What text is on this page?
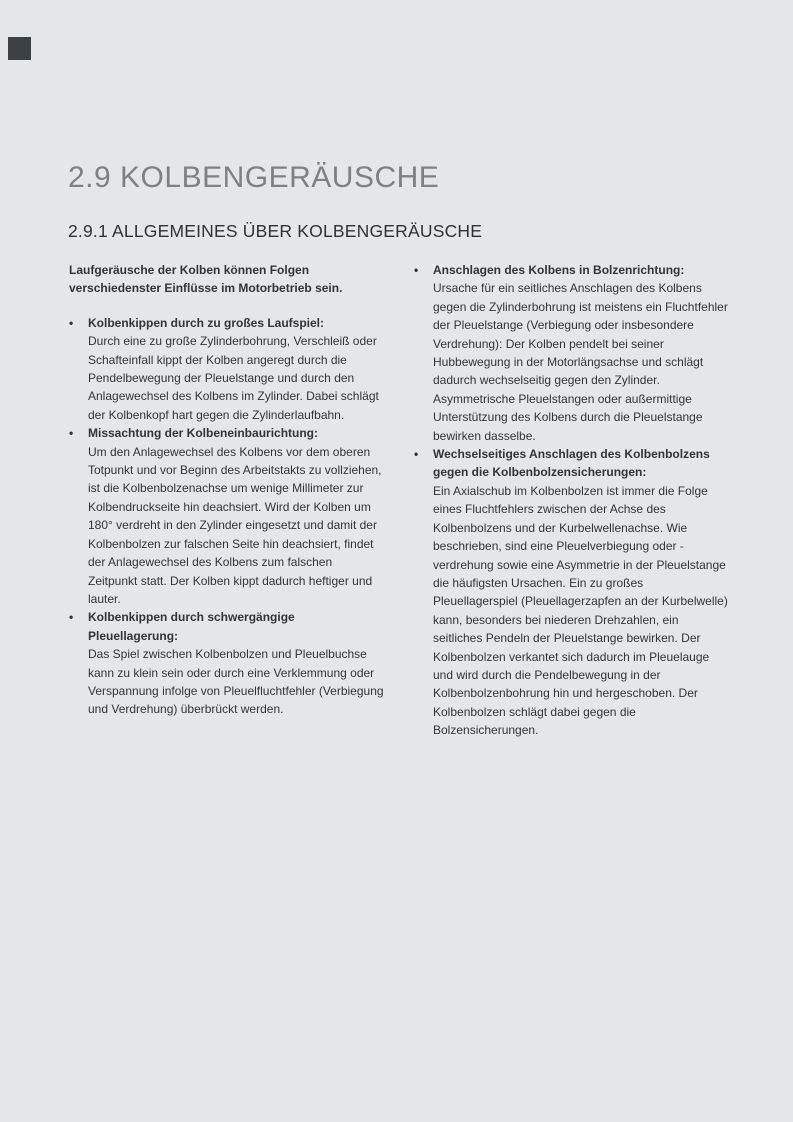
2.9 KOLBENGERÄUSCHE
2.9.1 ALLGEMEINES ÜBER KOLBENGERÄUSCHE

Laufgeräusche der Kolben können Folgen verschiedenster Einflüsse im Motorbetrieb sein.

•	Kolbenkippen durch zu großes Laufspiel:
Durch eine zu große Zylinderbohrung, Verschleiß oder Schafteinfall kippt der Kolben angeregt durch die Pendelbewegung der Pleuelstange und durch den Anlagewechsel des Kolbens im Zylinder. Dabei schlägt der Kolbenkopf hart gegen die Zylinderlaufbahn.
•	Missachtung der Kolbeneinbaurichtung:
Um den Anlagewechsel des Kolbens vor dem oberen Totpunkt und vor Beginn des Arbeitstakts zu vollziehen, ist die Kolbenbolzenachse um wenige Millimeter zur Kolbendruckseite hin deachsiert. Wird der Kolben um 180° verdreht in den Zylinder eingesetzt und damit der Kolbenbolzen zur falschen Seite hin deachsiert, findet der Anlagewechsel des Kolbens zum falschen Zeitpunkt statt. Der Kolben kippt dadurch heftiger und lauter.
•	Kolbenkippen durch schwergängige Pleuellagerung:
Das Spiel zwischen Kolbenbolzen und Pleuelbuchse kann zu klein sein oder durch eine Verklemmung oder Verspannung infolge von Pleuelfluchtfehler (Verbiegung und Verdrehung) überbrückt werden.
•	Anschlagen des Kolbens in Bolzenrichtung:
Ursache für ein seitliches Anschlagen des Kolbens gegen die Zylinderbohrung ist meistens ein Fluchtfehler der Pleuelstange (Verbiegung oder insbesondere Verdrehung): Der Kolben pendelt bei seiner Hubbewegung in der Motorlängsachse und schlägt dadurch wechselseitig gegen den Zylinder. Asymmetrische Pleuelstangen oder außermittige Unterstützung des Kolbens durch die Pleuelstange bewirken dasselbe.
•	Wechselseitiges Anschlagen des Kolbenbolzens gegen die Kolbenbolzensicherungen:
Ein Axialschub im Kolbenbolzen ist immer die Folge eines Fluchtfehlers zwischen der Achse des Kolbenbolzens und der Kurbelwellenachse. Wie beschrieben, sind eine Pleuelverbiegung oder -verdrehung sowie eine Asymmetrie in der Pleuelstange die häufigsten Ursachen. Ein zu großes Pleuellagerspiel (Pleuellagerzapfen an der Kurbelwelle) kann, besonders bei niederen Drehzahlen, ein seitliches Pendeln der Pleuelstange bewirken. Der Kolbenbolzen verkantet sich dadurch im Pleuelauge und wird durch die Pendelbewegung in der Kolbenbolzenbohrung hin und hergeschoben. Der Kolbenbolzen schlägt dabei gegen die Bolzensicherungen.
